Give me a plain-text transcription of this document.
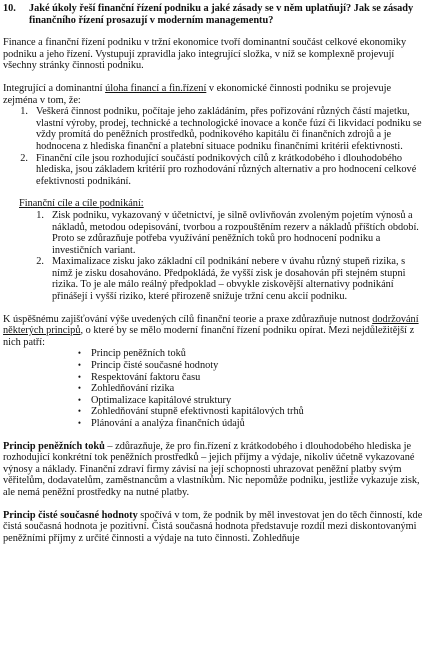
10.	Jaké úkoly řeší finanční řízení podniku a jaké zásady se v něm uplatňují? Jak se zásady finančního řízení prosazují v moderním managementu?

Finance a finanční řízení podniku v tržní ekonomice tvoří dominantní součást celkové ekonomiky podniku a jeho řízení. Vystupují zpravidla jako integrující složka, v níž se komplexně projevují všechny stránky činnosti podniku.

Integrující a dominantní úloha financí a fin.řízení v ekonomické činnosti podniku se projevuje zejména v tom, že:

1. Veškerá činnost podniku, počítaje jeho zakládáním, přes pořizování různých částí majetku, vlastní výroby, prodej, technické a technologické inovace a konče fúzí či likvidací podniku se vždy promítá do peněžních prostředků, podnikového kapitálu či finančních zdrojů a je hodnocena z hlediska finanční a platební situace podniku finančními kritérii efektivnosti.
2. Finanční cíle jsou rozhodující součástí podnikových cílů z krátkodobého i dlouhodobého hlediska, jsou základem kritérií pro rozhodování různých alternativ a pro hodnocení celkové efektivnosti podnikání.

Finanční cíle a cíle podnikání:

1. Zisk podniku, vykazovaný v účetnictví, je silně ovlivňován zvoleným pojetím výnosů a nákladů, metodou odepisování, tvorbou a rozpouštěním rezerv a nákladů příštích období. Proto se zdůrazňuje potřeba využívání peněžních toků pro hodnocení podniku a investičních variant.
2. Maximalizace zisku jako základní cíl podnikání nebere v úvahu různý stupeň rizika, s nímž je zisku dosahováno. Předpokládá, že vyšší zisk je dosahován při stejném stupni rizika. To je ale málo reálný předpoklad – obvykle ziskovější alternativy podnikání přinášejí i vyšší riziko, které přirozeně snižuje tržní cenu akcií podniku.

K úspěšnému zajišťování výše uvedených cílů finanční teorie a praxe zdůrazňuje nutnost dodržování některých principů, o které by se mělo moderní finanční řízení podniku opírat. Mezi nejdůležitější z nich patří:

• Princip peněžních toků
• Princip čisté současné hodnoty
• Respektování faktoru času
• Zohledňování rizika
• Optimalizace kapitálové struktury
• Zohledňování stupně efektivnosti kapitálových trhů
• Plánování a analýza finančních údajů

Princip peněžních toků – zdůrazňuje, že pro fin.řízení z krátkodobého i dlouhodobého hlediska je rozhodující konkrétní tok peněžních prostředků – jejich příjmy a výdaje, nikoliv účetně vykazované výnosy a náklady. Finanční zdraví firmy závisí na její schopnosti uhrazovat peněžní platby svým věřitelům, dodavatelům, zaměstnancům a vlastníkům. Nic nepomůže podniku, jestliže vykazuje zisk, ale nemá peněžní prostředky na nutné platby.

Princip čisté současné hodnoty spočívá v tom, že podnik by měl investovat jen do těch činností, kde čistá současná hodnota je pozitivní. Čistá současná hodnota představuje rozdíl mezi diskontovanými peněžními příjmy z určité činnosti a výdaje na tuto činnosti. Zohledňuje
